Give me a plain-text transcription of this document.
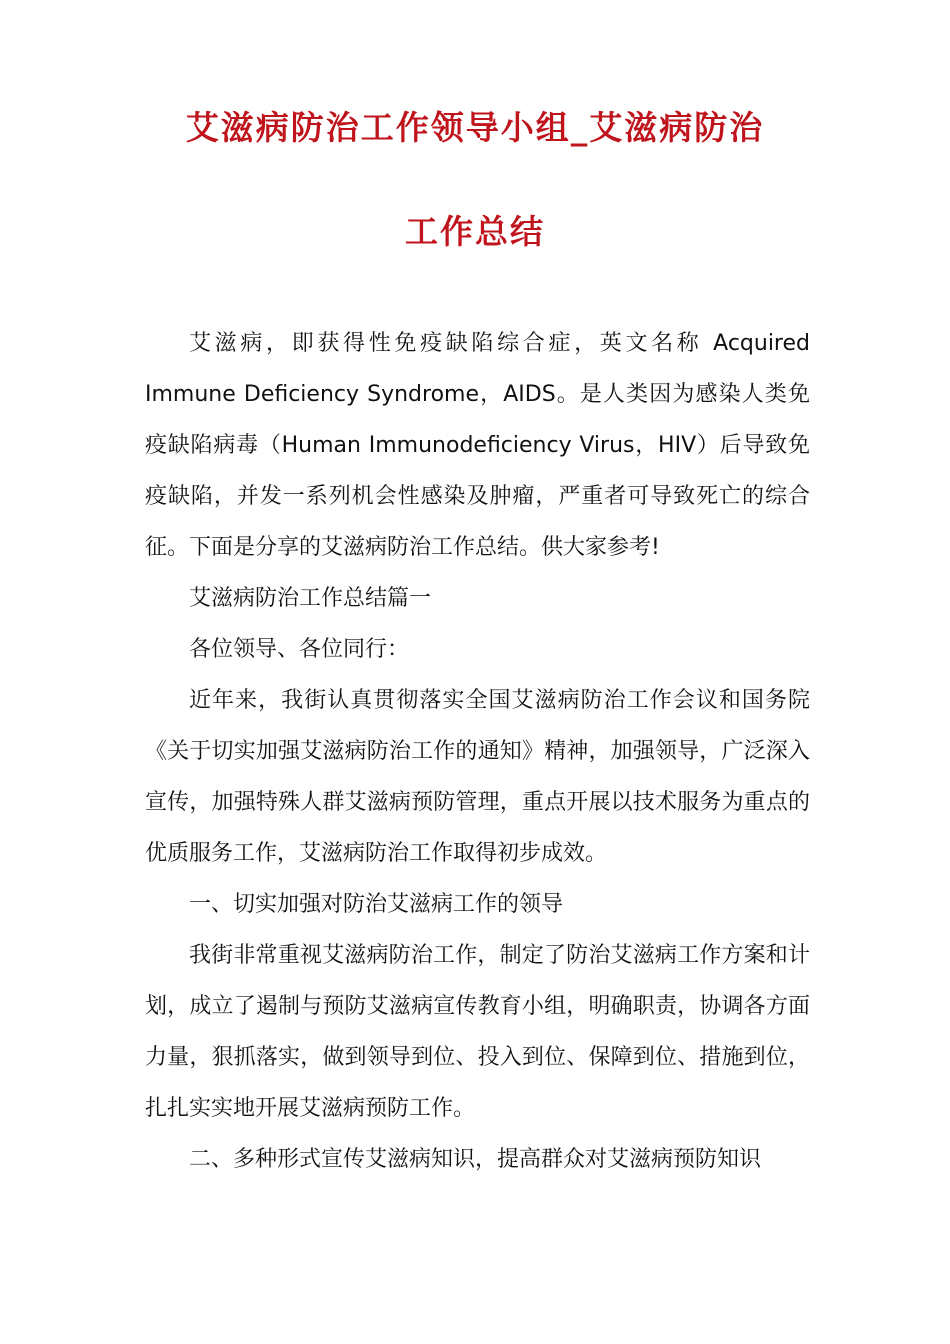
艾滋病防治工作领导小组_艾滋病防治
工作总结

艾滋病，即获得性免疫缺陷综合症，英文名称 Acquired Immune Deficiency Syndrome，AIDS。是人类因为感染人类免疫缺陷病毒（Human Immunodeficiency Virus，HIV）后导致免疫缺陷，并发一系列机会性感染及肿瘤，严重者可导致死亡的综合征。下面是分享的艾滋病防治工作总结。供大家参考!

艾滋病防治工作总结篇一

各位领导、各位同行：

近年来，我街认真贯彻落实全国艾滋病防治工作会议和国务院《关于切实加强艾滋病防治工作的通知》精神，加强领导，广泛深入宣传，加强特殊人群艾滋病预防管理，重点开展以技术服务为重点的优质服务工作，艾滋病防治工作取得初步成效。

一、切实加强对防治艾滋病工作的领导

我街非常重视艾滋病防治工作，制定了防治艾滋病工作方案和计划，成立了遏制与预防艾滋病宣传教育小组，明确职责，协调各方面力量，狠抓落实，做到领导到位、投入到位、保障到位、措施到位，扎扎实实地开展艾滋病预防工作。

二、多种形式宣传艾滋病知识，提高群众对艾滋病预防知识
